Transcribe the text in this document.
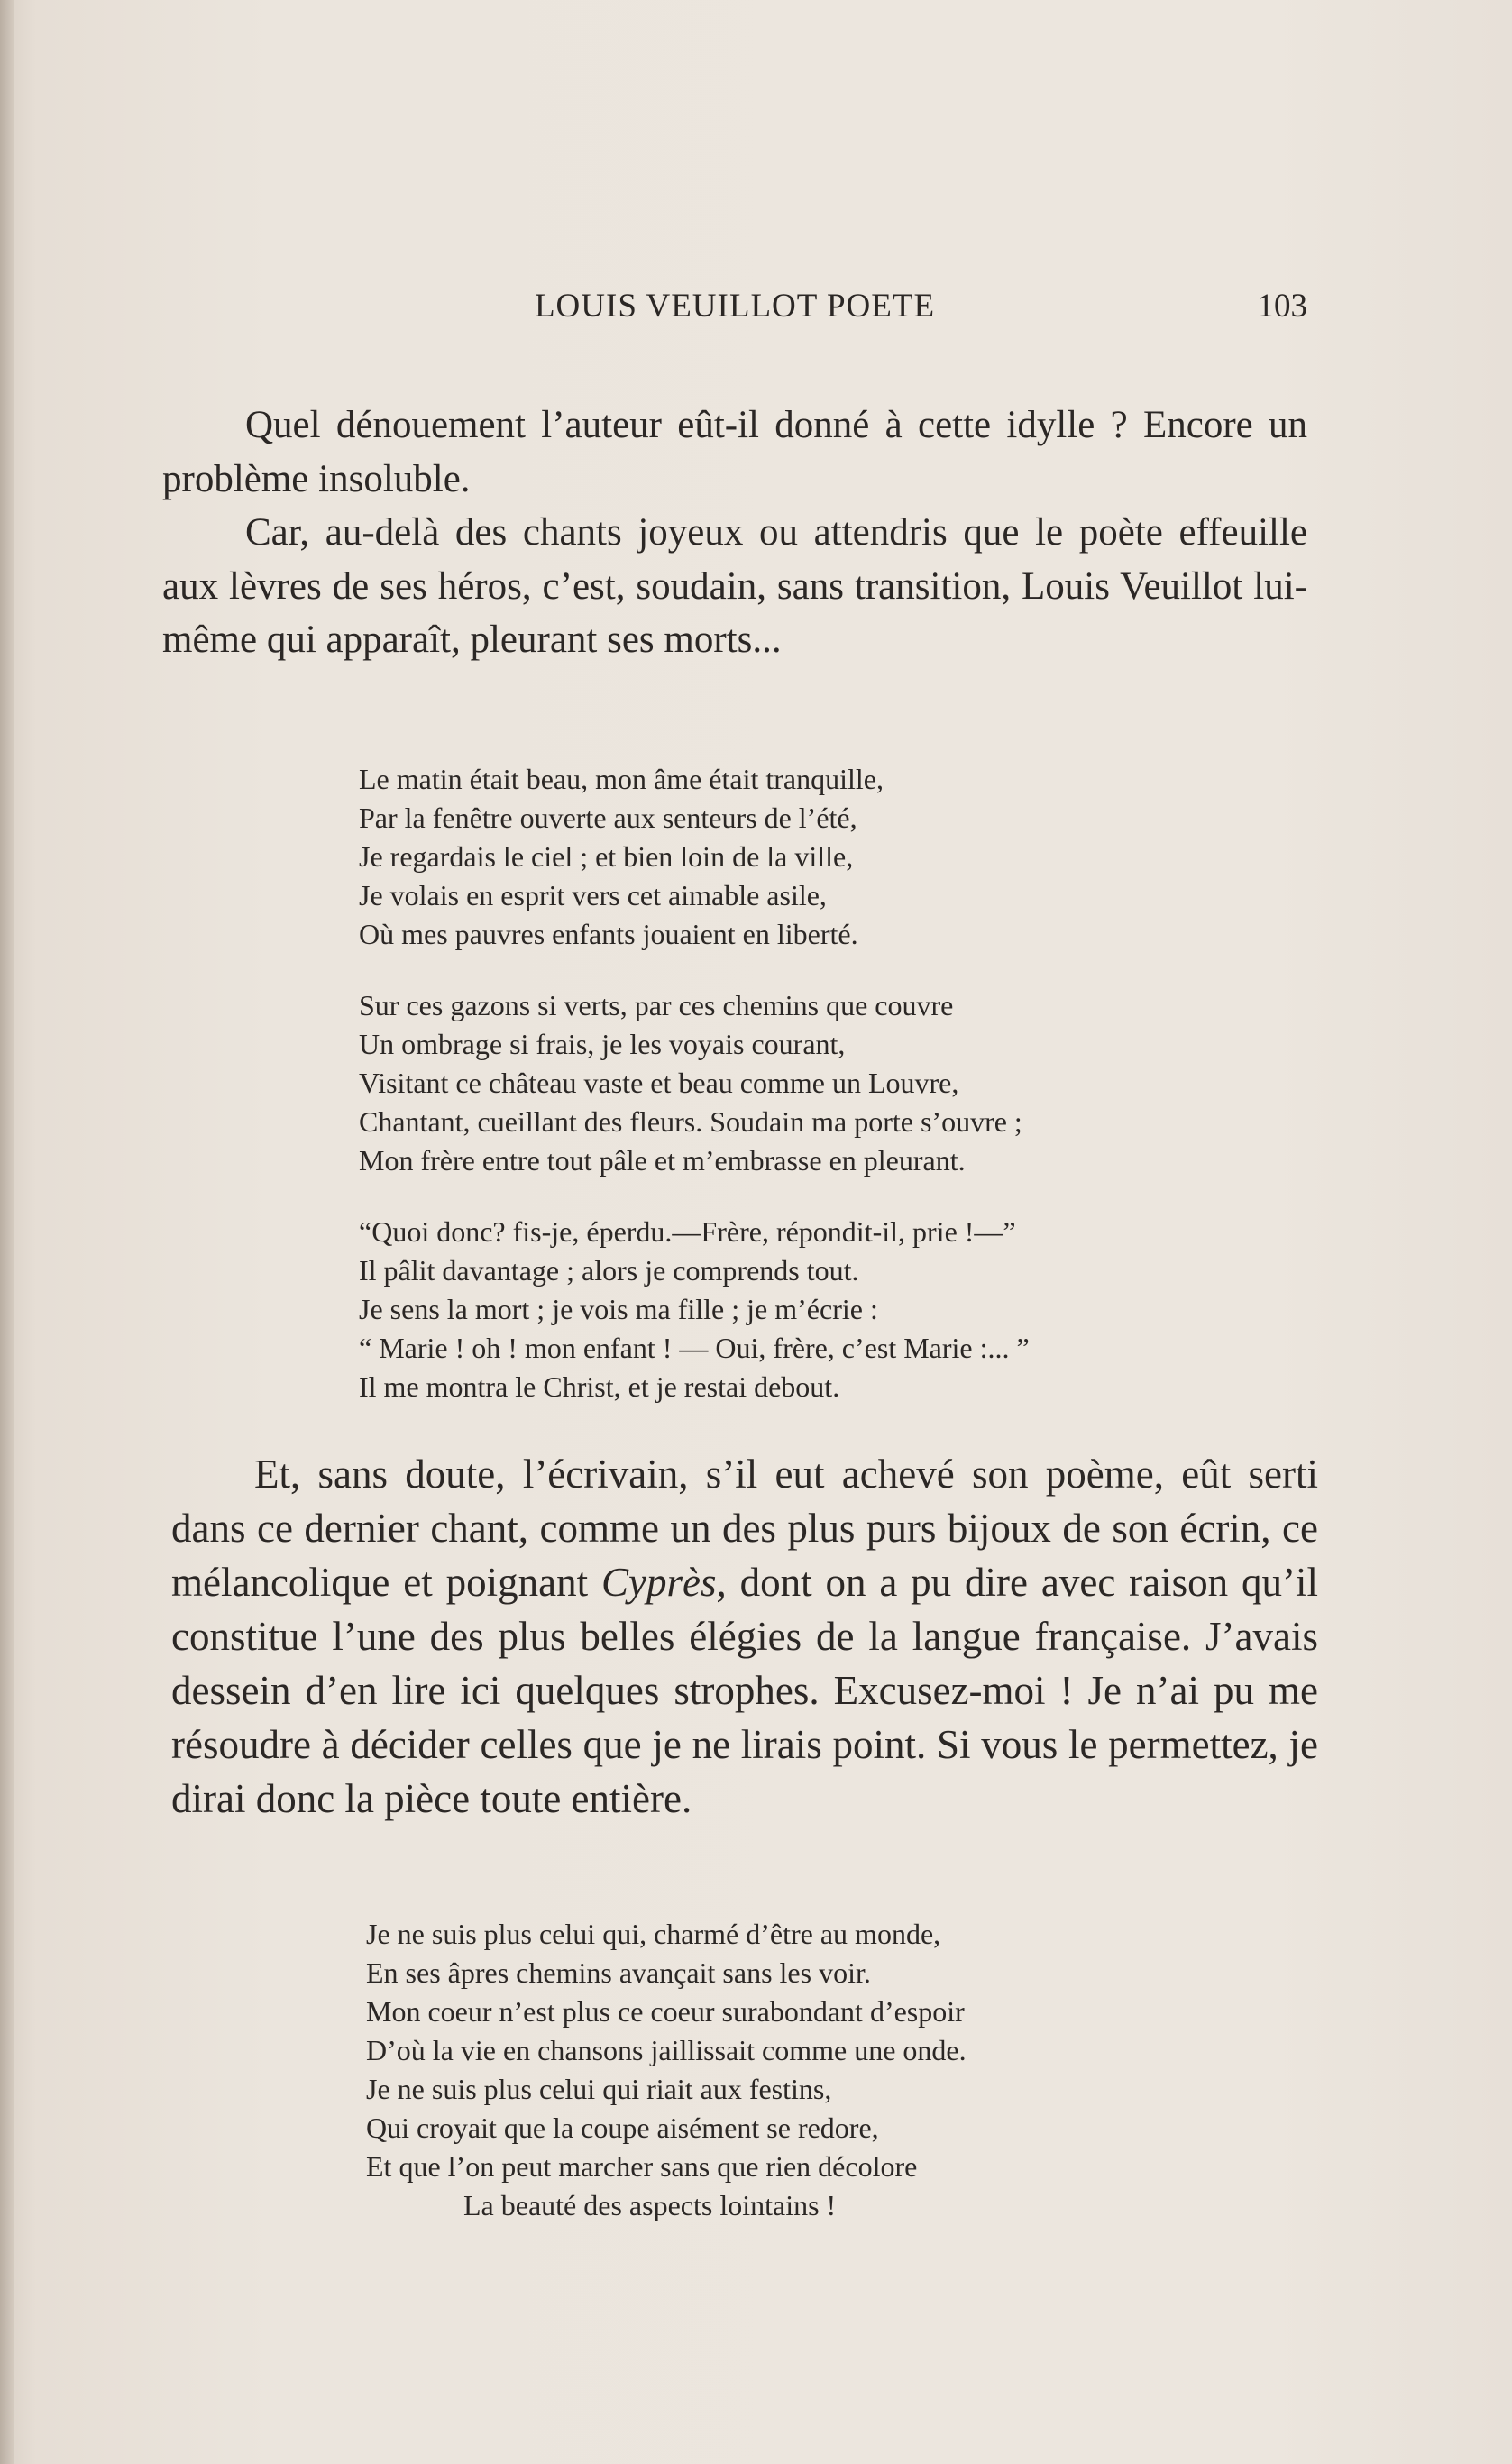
LOUIS VEUILLOT POETE	103

Quel dénouement l’auteur eût-il donné à cette idylle ? Encore un problème insoluble.

Car, au-delà des chants joyeux ou attendris que le poète effeuille aux lèvres de ses héros, c’est, soudain, sans transition, Louis Veuillot lui-même qui apparaît, pleurant ses morts...

Le matin était beau, mon âme était tranquille,
Par la fenêtre ouverte aux senteurs de l’été,
Je regardais le ciel ; et bien loin de la ville,
Je volais en esprit vers cet aimable asile,
Où mes pauvres enfants jouaient en liberté.
Sur ces gazons si verts, par ces chemins que couvre
Un ombrage si frais, je les voyais courant,
Visitant ce château vaste et beau comme un Louvre,
Chantant, cueillant des fleurs. Soudain ma porte s’ouvre ;
Mon frère entre tout pâle et m’embrasse en pleurant.
“Quoi donc? fis-je, éperdu.—Frère, répondit-il, prie !—”
Il pâlit davantage ; alors je comprends tout.
Je sens la mort ; je vois ma fille ; je m’écrie :
“ Marie ! oh ! mon enfant ! — Oui, frère, c’est Marie :... ”
Il me montra le Christ, et je restai debout.

Et, sans doute, l’écrivain, s’il eut achevé son poème, eût serti dans ce dernier chant, comme un des plus purs bijoux de son écrin, ce mélancolique et poignant Cyprès, dont on a pu dire avec raison qu’il constitue l’une des plus belles élégies de la langue française. J’avais dessein d’en lire ici quelques strophes. Excusez-moi ! Je n’ai pu me résoudre à décider celles que je ne lirais point. Si vous le permettez, je dirai donc la pièce toute entière.

Je ne suis plus celui qui, charmé d’être au monde,
En ses âpres chemins avançait sans les voir.
Mon coeur n’est plus ce coeur surabondant d’espoir
D’où la vie en chansons jaillissait comme une onde.
Je ne suis plus celui qui riait aux festins,
Qui croyait que la coupe aisément se redore,
Et que l’on peut marcher sans que rien décolore
La beauté des aspects lointains !
